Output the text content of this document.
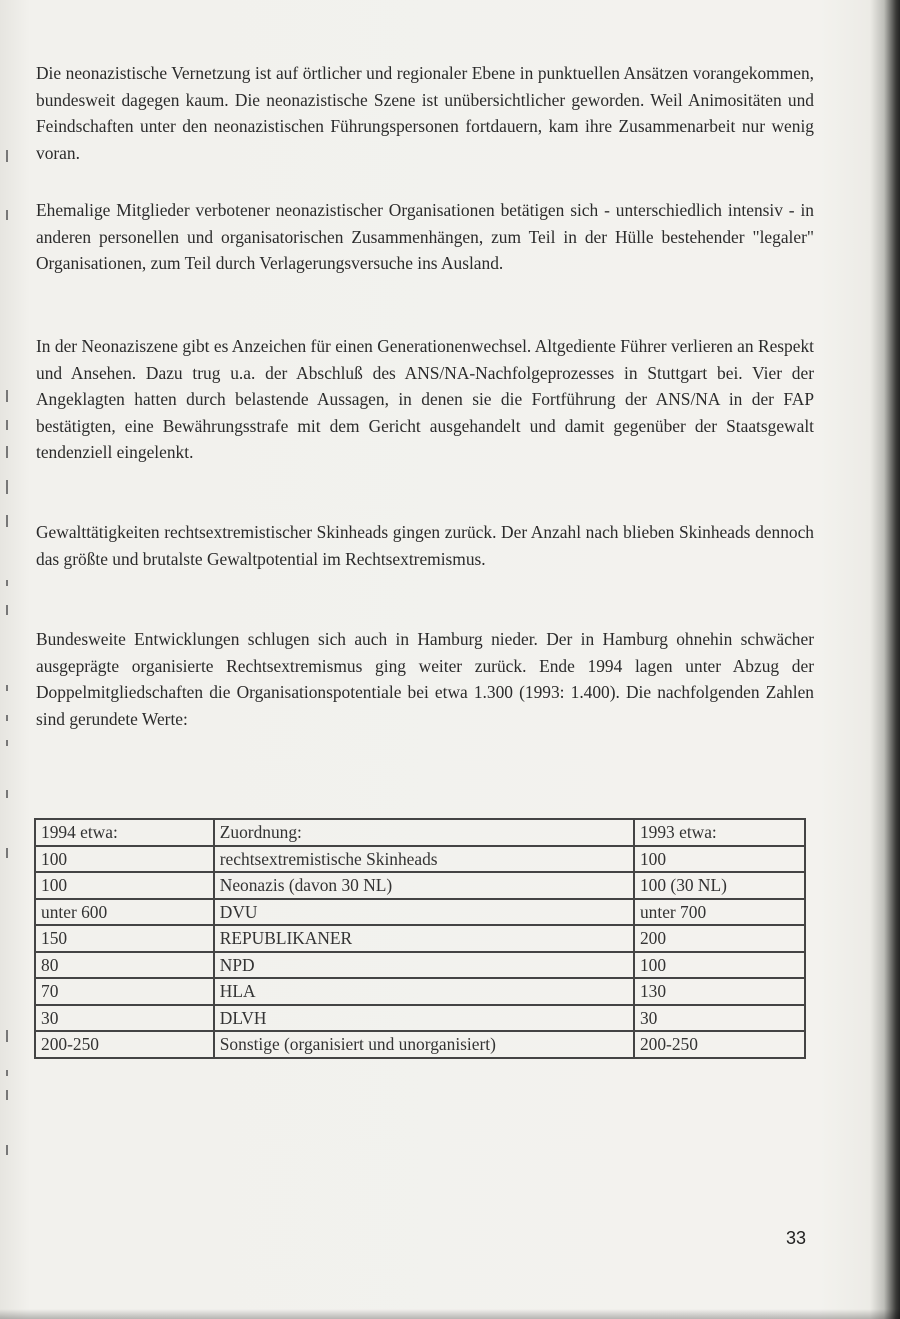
Die neonazistische Vernetzung ist auf örtlicher und regionaler Ebene in punktuellen Ansätzen vorangekommen, bundesweit dagegen kaum. Die neonazistische Szene ist unübersichtlicher geworden. Weil Animositäten und Feindschaften unter den neonazistischen Führungspersonen fortdauern, kam ihre Zusammenarbeit nur wenig voran.

Ehemalige Mitglieder verbotener neonazistischer Organisationen betätigen sich - unterschiedlich intensiv - in anderen personellen und organisatorischen Zusammenhängen, zum Teil in der Hülle bestehender "legaler" Organisationen, zum Teil durch Verlagerungsversuche ins Ausland.

In der Neonaziszene gibt es Anzeichen für einen Generationenwechsel. Altgediente Führer verlieren an Respekt und Ansehen. Dazu trug u.a. der Abschluß des ANS/NA-Nachfolgeprozesses in Stuttgart bei. Vier der Angeklagten hatten durch belastende Aussagen, in denen sie die Fortführung der ANS/NA in der FAP bestätigten, eine Bewährungsstrafe mit dem Gericht ausgehandelt und damit gegenüber der Staatsgewalt tendenziell eingelenkt.

Gewalttätigkeiten rechtsextremistischer Skinheads gingen zurück. Der Anzahl nach blieben Skinheads dennoch das größte und brutalste Gewaltpotential im Rechtsextremismus.

Bundesweite Entwicklungen schlugen sich auch in Hamburg nieder. Der in Hamburg ohnehin schwächer ausgeprägte organisierte Rechtsextremismus ging weiter zurück. Ende 1994 lagen unter Abzug der Doppelmitgliedschaften die Organisationspotentiale bei etwa 1.300 (1993: 1.400). Die nachfolgenden Zahlen sind gerundete Werte:

1994 etwa:	Zuordnung:	1993 etwa:
100	rechtsextremistische Skinheads	100
100	Neonazis (davon 30 NL)	100 (30 NL)
unter 600	DVU	unter 700
150	REPUBLIKANER	200
80	NPD	100
70	HLA	130
30	DLVH	30
200-250	Sonstige (organisiert und unorganisiert)	200-250
33
